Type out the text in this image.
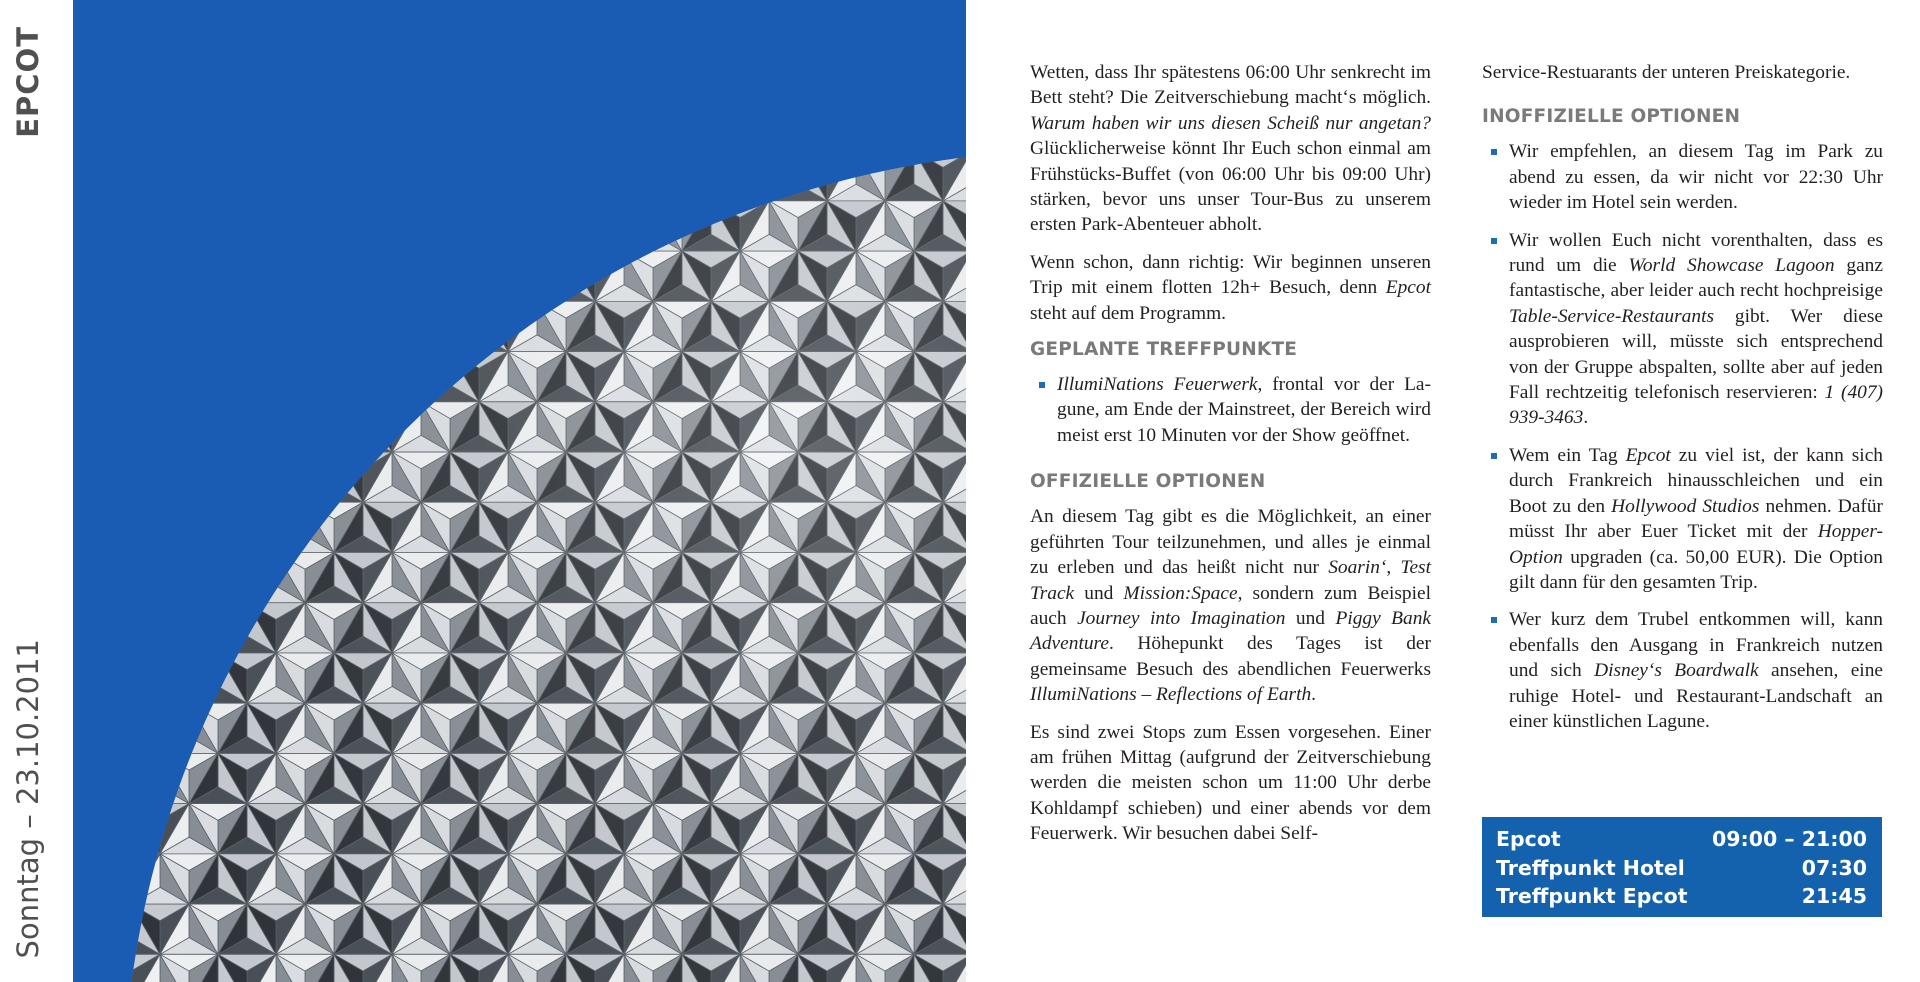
EPCOT
Sonntag – 23.10.2011

Wetten, dass Ihr spätestens 06:00 Uhr senkrecht im Bett steht? Die Zeitverschiebung macht‘s möglich. Warum haben wir uns diesen Scheiß nur angetan? Glücklicherweise könnt Ihr Euch schon einmal am Frühstücks-Buffet (von 06:00 Uhr bis 09:00 Uhr) stärken, bevor uns unser Tour-Bus zu unserem ersten Park-Abenteuer abholt.

Wenn schon, dann richtig: Wir beginnen unseren Trip mit einem flotten 12h+ Besuch, denn Epcot steht auf dem Programm.

GEPLANTE TREFFPUNKTE
IllumiNations Feuerwerk, frontal vor der Lagune, am Ende der Mainstreet, der Bereich wird meist erst 10 Minuten vor der Show geöffnet.
OFFIZIELLE OPTIONEN

An diesem Tag gibt es die Möglichkeit, an einer geführten Tour teilzunehmen, und alles je einmal zu erleben und das heißt nicht nur Soarin‘, Test Track und Mission:Space, sondern zum Beispiel auch Journey into Imagination und Piggy Bank Adventure. Höhepunkt des Tages ist der gemeinsame Besuch des abendlichen Feuerwerks IllumiNations – Reflections of Earth.

Es sind zwei Stops zum Essen vorgesehen. Einer am frühen Mittag (aufgrund der Zeitverschiebung werden die meisten schon um 11:00 Uhr derbe Kohldampf schieben) und einer abends vor dem Feuerwerk. Wir besuchen dabei Self-

Service-Restuarants der unteren Preiskategorie.

INOFFIZIELLE OPTIONEN
Wir empfehlen, an diesem Tag im Park zu abend zu essen, da wir nicht vor 22:30 Uhr wieder im Hotel sein werden.
Wir wollen Euch nicht vorenthalten, dass es rund um die World Showcase Lagoon ganz fantastische, aber leider auch recht hochpreisige Table-Service-Restaurants gibt. Wer diese ausprobieren will, müsste sich entsprechend von der Gruppe abspalten, sollte aber auf jeden Fall rechtzeitig telefonisch reservieren: 1 (407) 939-3463.
Wem ein Tag Epcot zu viel ist, der kann sich durch Frankreich hinausschleichen und ein Boot zu den Hollywood Studios nehmen. Dafür müsst Ihr aber Euer Ticket mit der Hopper-Option upgraden (ca. 50,00 EUR). Die Option gilt dann für den gesamten Trip.
Wer kurz dem Trubel entkommen will, kann ebenfalls den Ausgang in Frankreich nutzen und sich Disney‘s Boardwalk ansehen, eine ruhige Hotel- und Restaurant-Landschaft an einer künstlichen Lagune.
Epcot	09:00 – 21:00
Treffpunkt Hotel	07:30
Treffpunkt Epcot	21:45
